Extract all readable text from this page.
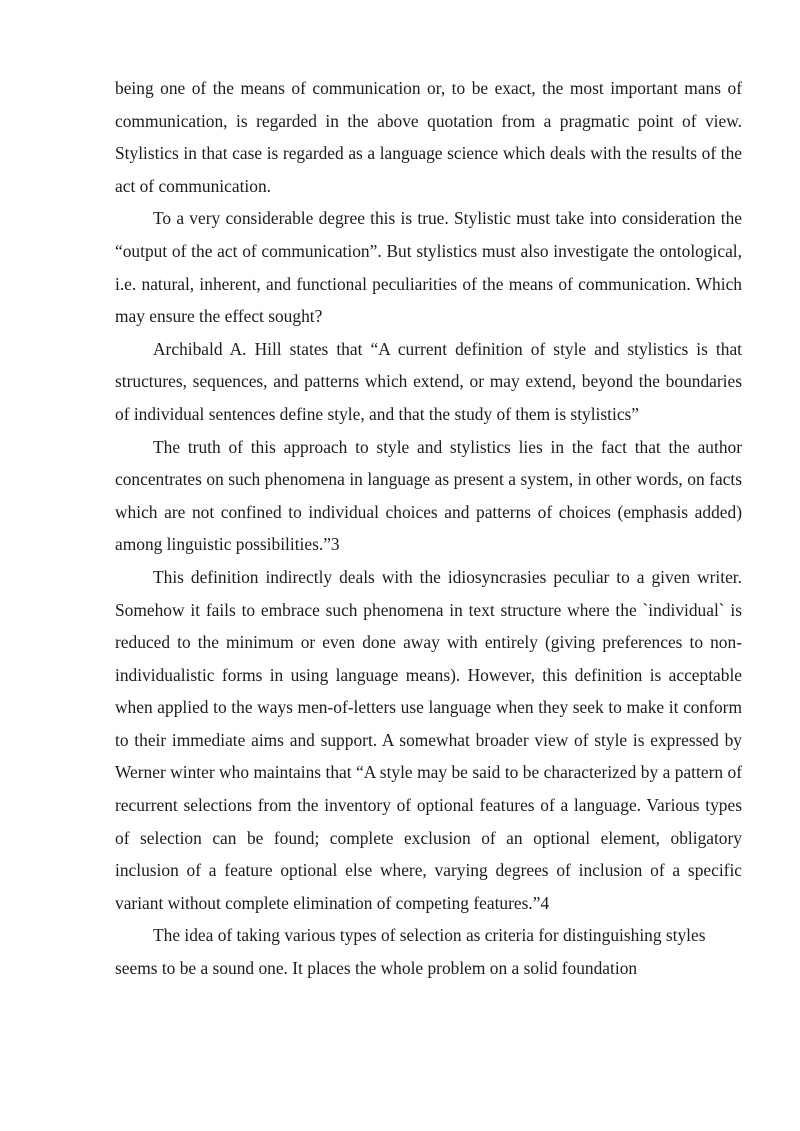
being one of the means of communication or, to be exact, the most important mans of communication, is regarded in the above quotation from a pragmatic point of view. Stylistics in that case is regarded as a language science which deals with the results of the act of communication.

To a very considerable degree this is true. Stylistic must take into consideration the “output of the act of communication”. But stylistics must also investigate the ontological, i.e. natural, inherent, and functional peculiarities of the means of communication. Which may ensure the effect sought?

Archibald A. Hill states that “A current definition of style and stylistics is that structures, sequences, and patterns which extend, or may extend, beyond the boundaries of individual sentences define style, and that the study of them is stylistics”

The truth of this approach to style and stylistics lies in the fact that the author concentrates on such phenomena in language as present a system, in other words, on facts which are not confined to individual choices and patterns of choices (emphasis added) among linguistic possibilities.”3

This definition indirectly deals with the idiosyncrasies peculiar to a given writer. Somehow it fails to embrace such phenomena in text structure where the `individual` is reduced to the minimum or even done away with entirely (giving preferences to non-individualistic forms in using language means). However, this definition is acceptable when applied to the ways men-of-letters use language when they seek to make it conform to their immediate aims and support. A somewhat broader view of style is expressed by Werner winter who maintains that “A style may be said to be characterized by a pattern of recurrent selections from the inventory of optional features of a language. Various types of selection can be found; complete exclusion of an optional element, obligatory inclusion of a feature optional else where, varying degrees of inclusion of a specific variant without complete elimination of competing features.”4

The idea of taking various types of selection as criteria for distinguishing styles seems to be a sound one. It places the whole problem on a solid foundation
